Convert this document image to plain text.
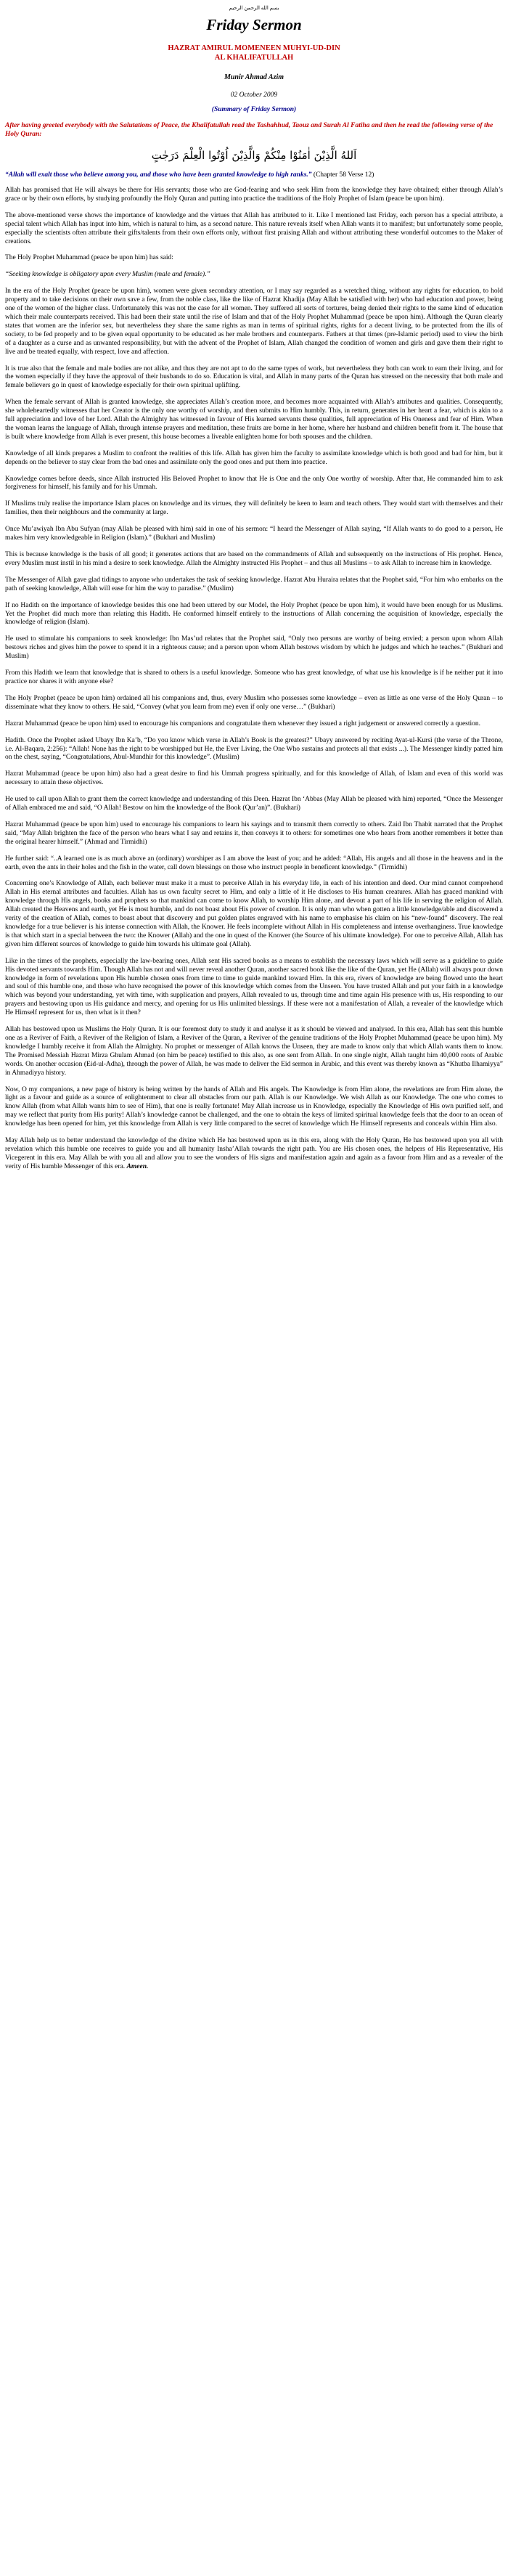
بسم الله الرحمن الرحيم
Friday Sermon
HAZRAT AMIRUL MOMENEEN MUHYI-UD-DIN
AL KHALIFATULLAH
Munir Ahmad Azim
02 October 2009
(Summary of Friday Sermon)
After having greeted everybody with the Salutations of Peace, the Khalifatullah read the Tashahhud, Taouz and Surah Al Fatiha and then he read the following verse of the Holy Quran:
اَللهُ الَّذِيْنَ اٰمَنُوْا مِنْكُمْ وَالَّذِيْنَ اُوْتُوا الْعِلْمَ دَرَجٰتٍ
“Allah will exalt those who believe among you, and those who have been granted knowledge to high ranks.” (Chapter 58 Verse 12)

Allah has promised that He will always be there for His servants; those who are God-fearing and who seek Him from the knowledge they have obtained; either through Allah’s grace or by their own efforts, by studying profoundly the Holy Quran and putting into practice the traditions of the Holy Prophet of Islam (peace be upon him).

The above-mentioned verse shows the importance of knowledge and the virtues that Allah has attributed to it. Like I mentioned last Friday, each person has a special attribute, a special talent which Allah has input into him, which is natural to him, as a second nature. This nature reveals itself when Allah wants it to manifest; but unfortunately some people, especially the scientists often attribute their gifts/talents from their own efforts only, without first praising Allah and without attributing these wonderful outcomes to the Maker of creations.

The Holy Prophet Muhammad (peace be upon him) has said:

“Seeking knowledge is obligatory upon every Muslim (male and female).”

In the era of the Holy Prophet (peace be upon him), women were given secondary attention, or I may say regarded as a wretched thing, without any rights for education, to hold property and to take decisions on their own save a few, from the noble class, like the like of Hazrat Khadija (May Allah be satisfied with her) who had education and power, being one of the women of the higher class. Unfortunately this was not the case for all women. They suffered all sorts of tortures, being denied their rights to the same kind of education which their male counterparts received. This had been their state until the rise of Islam and that of the Holy Prophet Muhammad (peace be upon him). Although the Quran clearly states that women are the inferior sex, but nevertheless they share the same rights as man in terms of spiritual rights, rights for a decent living, to be protected from the ills of society, to be fed properly and to be given equal opportunity to be educated as her male brothers and counterparts. Fathers at that times (pre-Islamic period) used to view the birth of a daughter as a curse and as unwanted responsibility, but with the advent of the Prophet of Islam, Allah changed the condition of women and girls and gave them their right to live and be treated equally, with respect, love and affection.

It is true also that the female and male bodies are not alike, and thus they are not apt to do the same types of work, but nevertheless they both can work to earn their living, and for the women especially if they have the approval of their husbands to do so. Education is vital, and Allah in many parts of the Quran has stressed on the necessity that both male and female believers go in quest of knowledge especially for their own spiritual uplifting.

When the female servant of Allah is granted knowledge, she appreciates Allah’s creation more, and becomes more acquainted with Allah’s attributes and qualities. Consequently, she wholeheartedly witnesses that her Creator is the only one worthy of worship, and then submits to Him humbly. This, in return, generates in her heart a fear, which is akin to a full appreciation and love of her Lord. Allah the Almighty has witnessed in favour of His learned servants these qualities, full appreciation of His Oneness and fear of Him. When the woman learns the language of Allah, through intense prayers and meditation, these fruits are borne in her home, where her husband and children benefit from it. The house that is built where knowledge from Allah is ever present, this house becomes a liveable enlighten home for both spouses and the children.

Knowledge of all kinds prepares a Muslim to confront the realities of this life. Allah has given him the faculty to assimilate knowledge which is both good and bad for him, but it depends on the believer to stay clear from the bad ones and assimilate only the good ones and put them into practice.

Knowledge comes before deeds, since Allah instructed His Beloved Prophet to know that He is One and the only One worthy of worship. After that, He commanded him to ask forgiveness for himself, his family and for his Ummah.

If Muslims truly realise the importance Islam places on knowledge and its virtues, they will definitely be keen to learn and teach others. They would start with themselves and their families, then their neighbours and the community at large.

Once Mu’awiyah Ibn Abu Sufyan (may Allah be pleased with him) said in one of his sermon: “I heard the Messenger of Allah saying, “If Allah wants to do good to a person, He makes him very knowledgeable in Religion (Islam).” (Bukhari and Muslim)

This is because knowledge is the basis of all good; it generates actions that are based on the commandments of Allah and subsequently on the instructions of His prophet. Hence, every Muslim must instil in his mind a desire to seek knowledge. Allah the Almighty instructed His Prophet – and thus all Muslims – to ask Allah to increase him in knowledge.

The Messenger of Allah gave glad tidings to anyone who undertakes the task of seeking knowledge. Hazrat Abu Huraira relates that the Prophet said, “For him who embarks on the path of seeking knowledge, Allah will ease for him the way to paradise.” (Muslim)

If no Hadith on the importance of knowledge besides this one had been uttered by our Model, the Holy Prophet (peace be upon him), it would have been enough for us Muslims. Yet the Prophet did much more than relating this Hadith. He conformed himself entirely to the instructions of Allah concerning the acquisition of knowledge, especially the knowledge of religion (Islam).

He used to stimulate his companions to seek knowledge: Ibn Mas’ud relates that the Prophet said, “Only two persons are worthy of being envied; a person upon whom Allah bestows riches and gives him the power to spend it in a righteous cause; and a person upon whom Allah bestows wisdom by which he judges and which he teaches.” (Bukhari and Muslim)

From this Hadith we learn that knowledge that is shared to others is a useful knowledge. Someone who has great knowledge, of what use his knowledge is if he neither put it into practice nor shares it with anyone else?

The Holy Prophet (peace be upon him) ordained all his companions and, thus, every Muslim who possesses some knowledge – even as little as one verse of the Holy Quran – to disseminate what they know to others. He said, “Convey (what you learn from me) even if only one verse…” (Bukhari)

Hazrat Muhammad (peace be upon him) used to encourage his companions and congratulate them whenever they issued a right judgement or answered correctly a question.

Hadith. Once the Prophet asked Ubayy Ibn Ka’b, “Do you know which verse in Allah’s Book is the greatest?” Ubayy answered by reciting Ayat-ul-Kursi (the verse of the Throne, i.e. Al-Baqara, 2:256): “Allah! None has the right to be worshipped but He, the Ever Living, the One Who sustains and protects all that exists ...). The Messenger kindly patted him on the chest, saying, “Congratulations, Abul-Mundhir for this knowledge”. (Muslim)

Hazrat Muhammad (peace be upon him) also had a great desire to find his Ummah progress spiritually, and for this knowledge of Allah, of Islam and even of this world was necessary to attain these objectives.

He used to call upon Allah to grant them the correct knowledge and understanding of this Deen. Hazrat Ibn ‘Abbas (May Allah be pleased with him) reported, “Once the Messenger of Allah embraced me and said, “O Allah! Bestow on him the knowledge of the Book (Qur’an)”. (Bukhari)

Hazrat Muhammad (peace be upon him) used to encourage his companions to learn his sayings and to transmit them correctly to others. Zaid Ibn Thabit narrated that the Prophet said, “May Allah brighten the face of the person who hears what I say and retains it, then conveys it to others: for sometimes one who hears from another remembers it better than the original hearer himself.” (Ahmad and Tirmidhi)

He further said: “..A learned one is as much above an (ordinary) worshiper as I am above the least of you; and he added: “Allah, His angels and all those in the heavens and in the earth, even the ants in their holes and the fish in the water, call down blessings on those who instruct people in beneficent knowledge.” (Tirmidhi)

Concerning one’s Knowledge of Allah, each believer must make it a must to perceive Allah in his everyday life, in each of his intention and deed. Our mind cannot comprehend Allah in His eternal attributes and faculties. Allah has us own faculty secret to Him, and only a little of it He discloses to His human creatures. Allah has graced mankind with knowledge through His angels, books and prophets so that mankind can come to know Allah, to worship Him alone, and devout a part of his life in serving the religion of Allah. Allah created the Heavens and earth, yet He is most humble, and do not boast about His power of creation. It is only man who when gotten a little knowledge/able and discovered a verity of the creation of Allah, comes to boast about that discovery and put golden plates engraved with his name to emphasise his claim on his “new-found” discovery. The real knowledge for a true believer is his intense connection with Allah, the Knower. He feels incomplete without Allah in His completeness and intense overhanginess. True knowledge is that which start in a special between the two: the Knower (Allah) and the one in quest of the Knower (the Source of his ultimate knowledge). For one to perceive Allah, Allah has given him different sources of knowledge to guide him towards his ultimate goal (Allah).

Like in the times of the prophets, especially the law-bearing ones, Allah sent His sacred books as a means to establish the necessary laws which will serve as a guideline to guide His devoted servants towards Him. Though Allah has not and will never reveal another Quran, another sacred book like the like of the Quran, yet He (Allah) will always pour down knowledge in form of revelations upon His humble chosen ones from time to time to guide mankind toward Him. In this era, rivers of knowledge are being flowed unto the heart and soul of this humble one, and those who have recognised the power of this knowledge which comes from the Unseen. You have trusted Allah and put your faith in a knowledge which was beyond your understanding, yet with time, with supplication and prayers, Allah revealed to us, through time and time again His presence with us, His responding to our prayers and bestowing upon us His guidance and mercy, and opening for us His unlimited blessings. If these were not a manifestation of Allah, a revealer of the knowledge which He Himself represent for us, then what is it then?

Allah has bestowed upon us Muslims the Holy Quran. It is our foremost duty to study it and analyse it as it should be viewed and analysed. In this era, Allah has sent this humble one as a Reviver of Faith, a Reviver of the Religion of Islam, a Reviver of the Quran, a Reviver of the genuine traditions of the Holy Prophet Muhammad (peace be upon him). My knowledge I humbly receive it from Allah the Almighty. No prophet or messenger of Allah knows the Unseen, they are made to know only that which Allah wants them to know. The Promised Messiah Hazrat Mirza Ghulam Ahmad (on him be peace) testified to this also, as one sent from Allah. In one single night, Allah taught him 40,000 roots of Arabic words. On another occasion (Eid-ul-Adha), through the power of Allah, he was made to deliver the Eid sermon in Arabic, and this event was thereby known as “Khutba Ilhamiyya” in Ahmadiyya history.

Now, O my companions, a new page of history is being written by the hands of Allah and His angels. The Knowledge is from Him alone, the revelations are from Him alone, the light as a favour and guide as a source of enlightenment to clear all obstacles from our path. Allah is our Knowledge. We wish Allah as our Knowledge. The one who comes to know Allah (from what Allah wants him to see of Him), that one is really fortunate! May Allah increase us in Knowledge, especially the Knowledge of His own purified self, and may we reflect that purity from His purity! Allah’s knowledge cannot be challenged, and the one to obtain the keys of limited spiritual knowledge feels that the door to an ocean of knowledge has been opened for him, yet this knowledge from Allah is very little compared to the secret of knowledge which He Himself represents and conceals within Him also.

May Allah help us to better understand the knowledge of the divine which He has bestowed upon us in this era, along with the Holy Quran, He has bestowed upon you all with revelation which this humble one receives to guide you and all humanity Insha’Allah towards the right path. You are His chosen ones, the helpers of His Representative, His Vicegerent in this era. May Allah be with you all and allow you to see the wonders of His signs and manifestation again and again as a favour from Him and as a revealer of the verity of His humble Messenger of this era. Ameen.
